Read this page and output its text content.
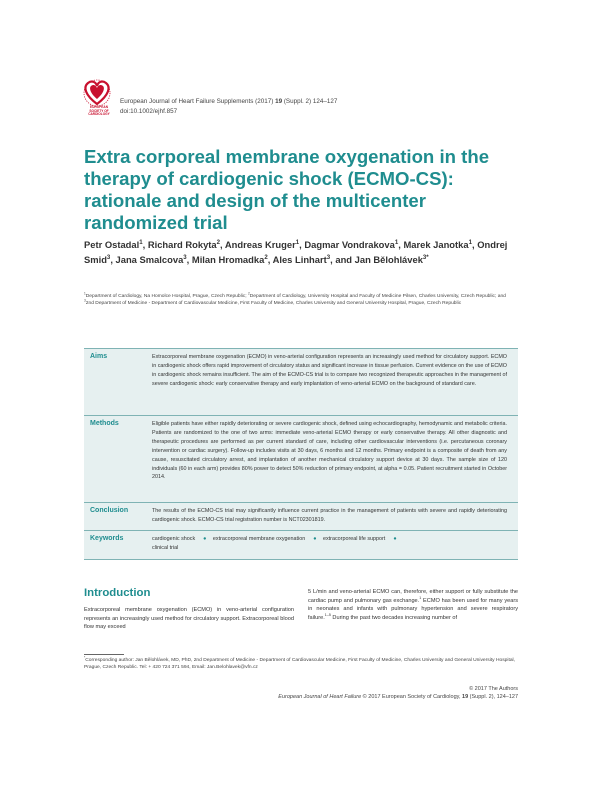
EUROPEAN
SOCIETY OF
CARDIOLOGY
European Journal of Heart Failure Supplements (2017) 19 (Suppl. 2) 124–127
doi:10.1002/ejhf.857
Extra corporeal membrane oxygenation in the therapy of cardiogenic shock (ECMO-CS): rationale and design of the multicenter randomized trial
Petr Ostadal$^1$, Richard Rokyta$^2$, Andreas Kruger$^1$, Dagmar Vondrakova$^1$, Marek Janotka$^1$, Ondrej Smid$^3$, Jana Smalcova$^3$, Milan Hromadka$^2$, Ales Linhart$^3$, and Jan Bělohlávek$^{3*}$
$^1$Department of Cardiology, Na Homolce Hospital, Prague, Czech Republic; $^2$Department of Cardiology, University Hospital and Faculty of Medicine Pilsen, Charles University, Czech Republic; and $^3$2nd Department of Medicine - Department of Cardiovascular Medicine, First Faculty of Medicine, Charles University and General University Hospital, Prague, Czech Republic
Aims	Extracorporeal membrane oxygenation (ECMO) in veno-arterial configuration represents an increasingly used method for circulatory support. ECMO in cardiogenic shock offers rapid improvement of circulatory status and significant increase in tissue perfusion. Current evidence on the use of ECMO in cardiogenic shock remains insufficient. The aim of the ECMO-CS trial is to compare two recognized therapeutic approaches in the management of severe cardiogenic shock: early conservative therapy and early implantation of veno-arterial ECMO on the background of standard care.
Methods	Eligible patients have either rapidly deteriorating or severe cardiogenic shock, defined using echocardiography, hemodynamic and metabolic criteria. Patients are randomized to the one of two arms: immediate veno-arterial ECMO therapy or early conservative therapy. All other diagnostic and therapeutic procedures are performed as per current standard of care, including other cardiovascular interventions (i.e. percutaneous coronary intervention or cardiac surgery). Follow-up includes visits at 30 days, 6 months and 12 months. Primary endpoint is a composite of death from any cause, resuscitated circulatory arrest, and implantation of another mechanical circulatory support device at 30 days. The sample size of 120 individuals (60 in each arm) provides 80% power to detect 50% reduction of primary endpoint, at alpha = 0.05. Patient recruitment started in October 2014.
Conclusion	The results of the ECMO-CS trial may significantly influence current practice in the management of patients with severe and rapidly deteriorating cardiogenic shock. ECMO-CS trial registration number is NCT02301819.
Keywords	cardiogenic shock ● extracorporeal membrane oxygenation ● extracorporeal life support ●
clinical trial
Introduction
Extracorporeal membrane oxygenation (ECMO) in veno-arterial configuration represents an increasingly used method for circulatory support. Extracorporeal blood flow may exceed
5 L/min and veno-arterial ECMO can, therefore, either support or fully substitute the cardiac pump and pulmonary gas exchange.$^1$ ECMO has been used for many years in neonates and infants with pulmonary hypertension and severe respiratory failure.$^{1-5}$ During the past two decades increasing number of
*Corresponding author: Jan Bělohlávek, MD, PhD, 2nd Department of Medicine - Department of Cardiovascular Medicine, First Faculty of Medicine, Charles University and General University Hospital, Prague, Czech Republic. Tel: + 420 724 371 594, Email: Jan.Belohlavek@vfn.cz
© 2017 The Authors
European Journal of Heart Failure © 2017 European Society of Cardiology, 19 (Suppl. 2), 124–127
